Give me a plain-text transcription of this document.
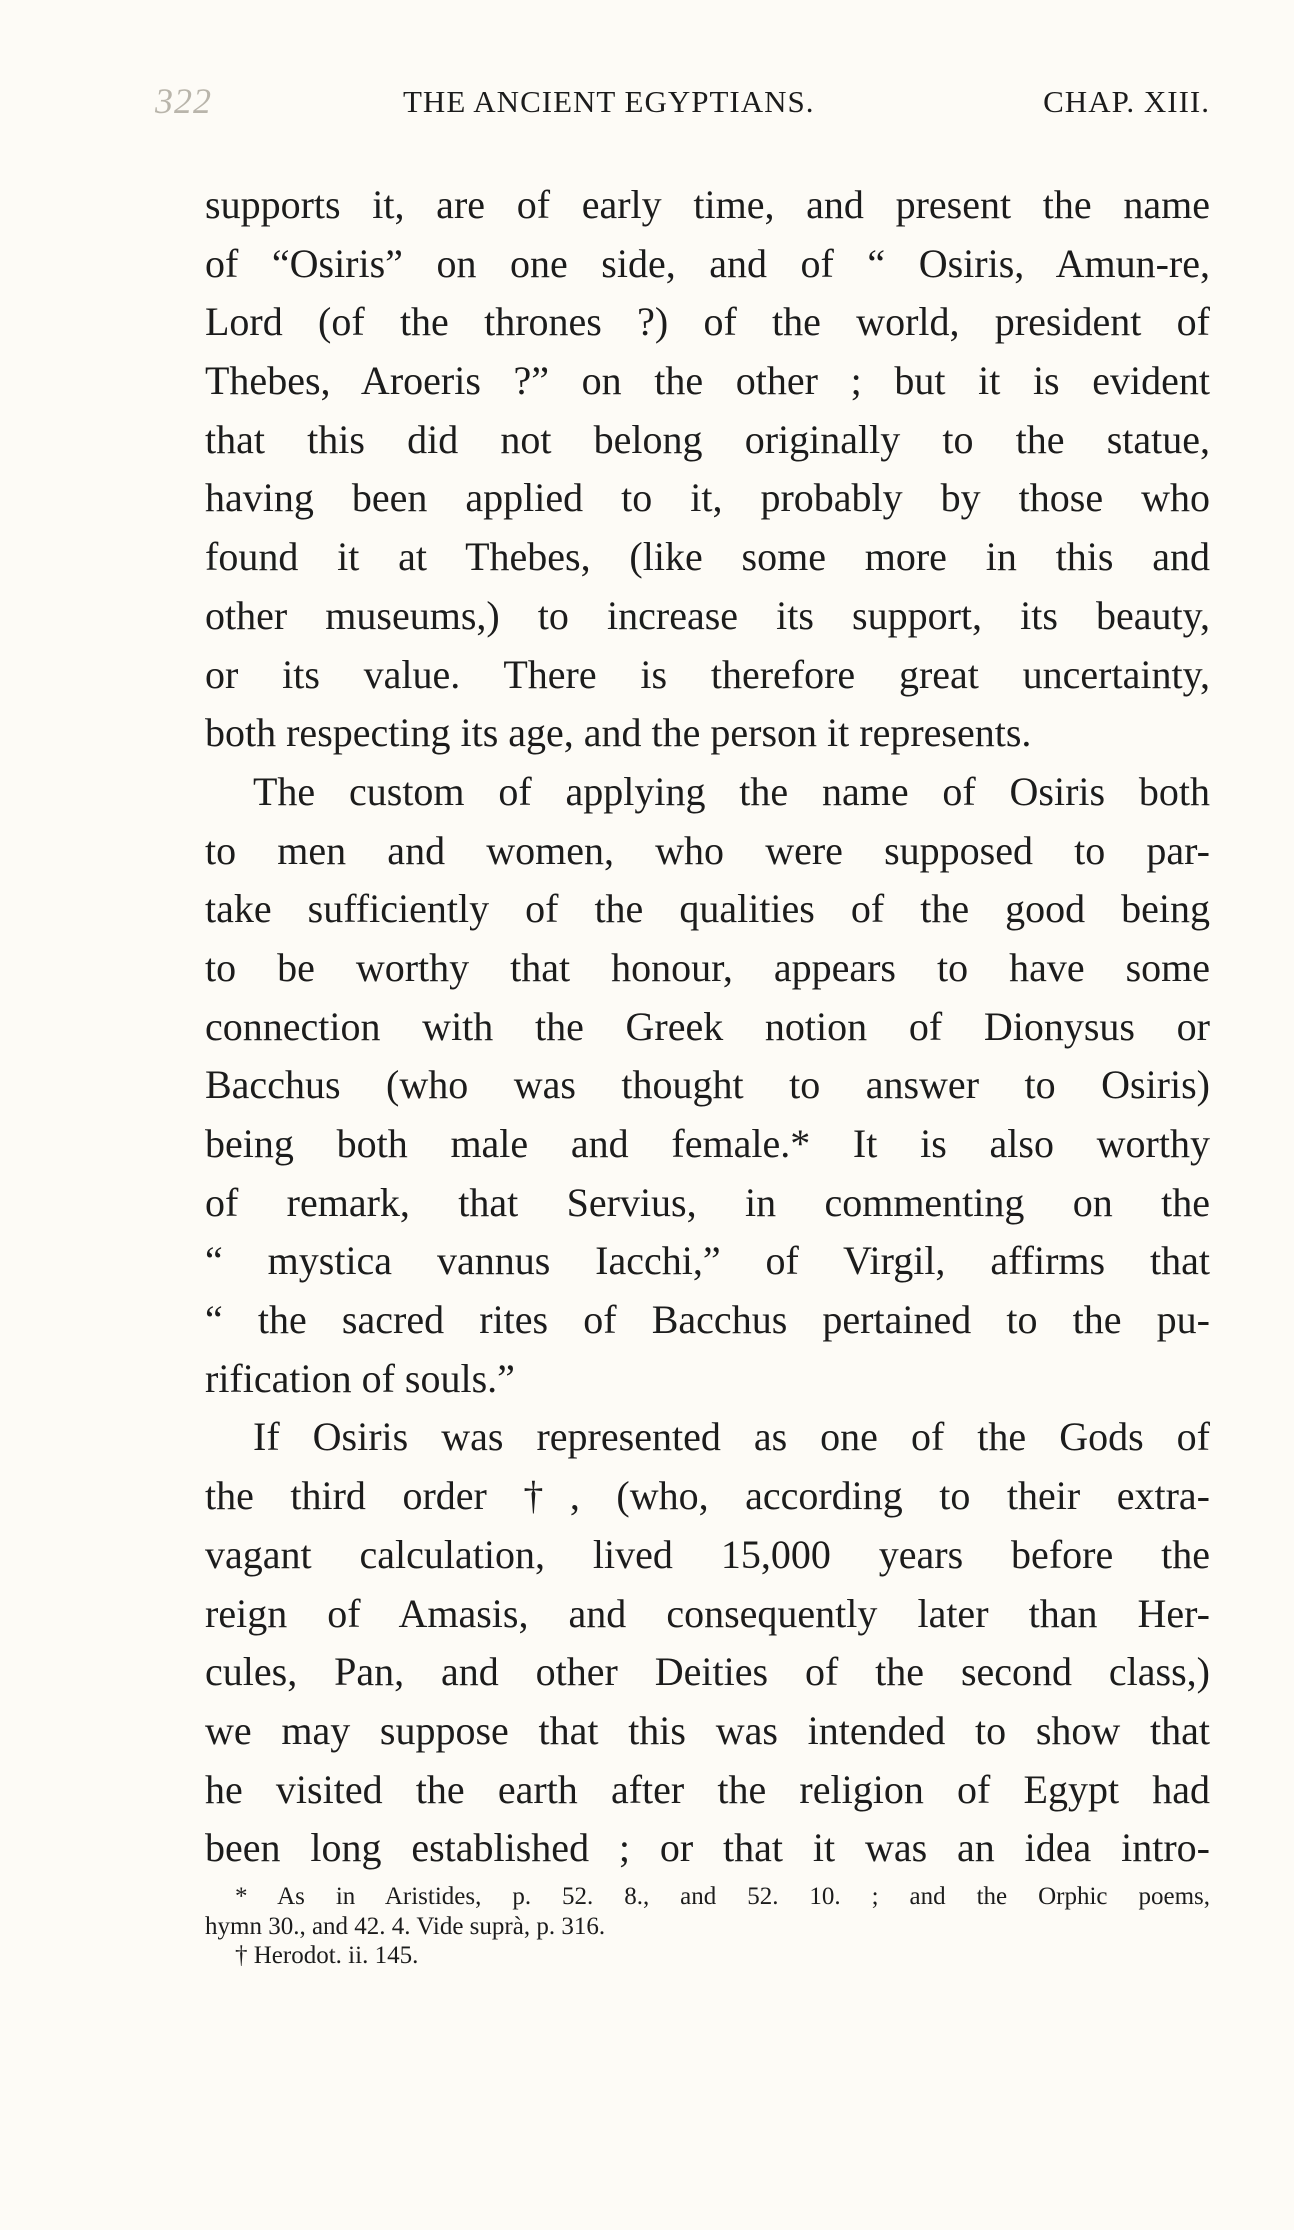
322	THE ANCIENT EGYPTIANS.	CHAP. XIII.
supports it, are of early time, and present the name
of “Osiris” on one side, and of “ Osiris, Amun-re,
Lord (of the thrones ?) of the world, president of
Thebes, Aroeris ?” on the other ; but it is evident
that this did not belong originally to the statue,
having been applied to it, probably by those who
found it at Thebes, (like some more in this and
other museums,) to increase its support, its beauty,
or its value. There is therefore great uncertainty,
both respecting its age, and the person it represents.
The custom of applying the name of Osiris both
to men and women, who were supposed to par-
take sufficiently of the qualities of the good being
to be worthy that honour, appears to have some
connection with the Greek notion of Dionysus or
Bacchus (who was thought to answer to Osiris)
being both male and female.* It is also worthy
of remark, that Servius, in commenting on the
“ mystica vannus Iacchi,” of Virgil, affirms that
“ the sacred rites of Bacchus pertained to the pu-
rification of souls.”
If Osiris was represented as one of the Gods of
the third order †, (who, according to their extra-
vagant calculation, lived 15,000 years before the
reign of Amasis, and consequently later than Her-
cules, Pan, and other Deities of the second class,)
we may suppose that this was intended to show that
he visited the earth after the religion of Egypt had
been long established ; or that it was an idea intro-
* As in Aristides, p. 52. 8., and 52. 10. ; and the Orphic poems,
hymn 30., and 42. 4. Vide suprà, p. 316.
† Herodot. ii. 145.
